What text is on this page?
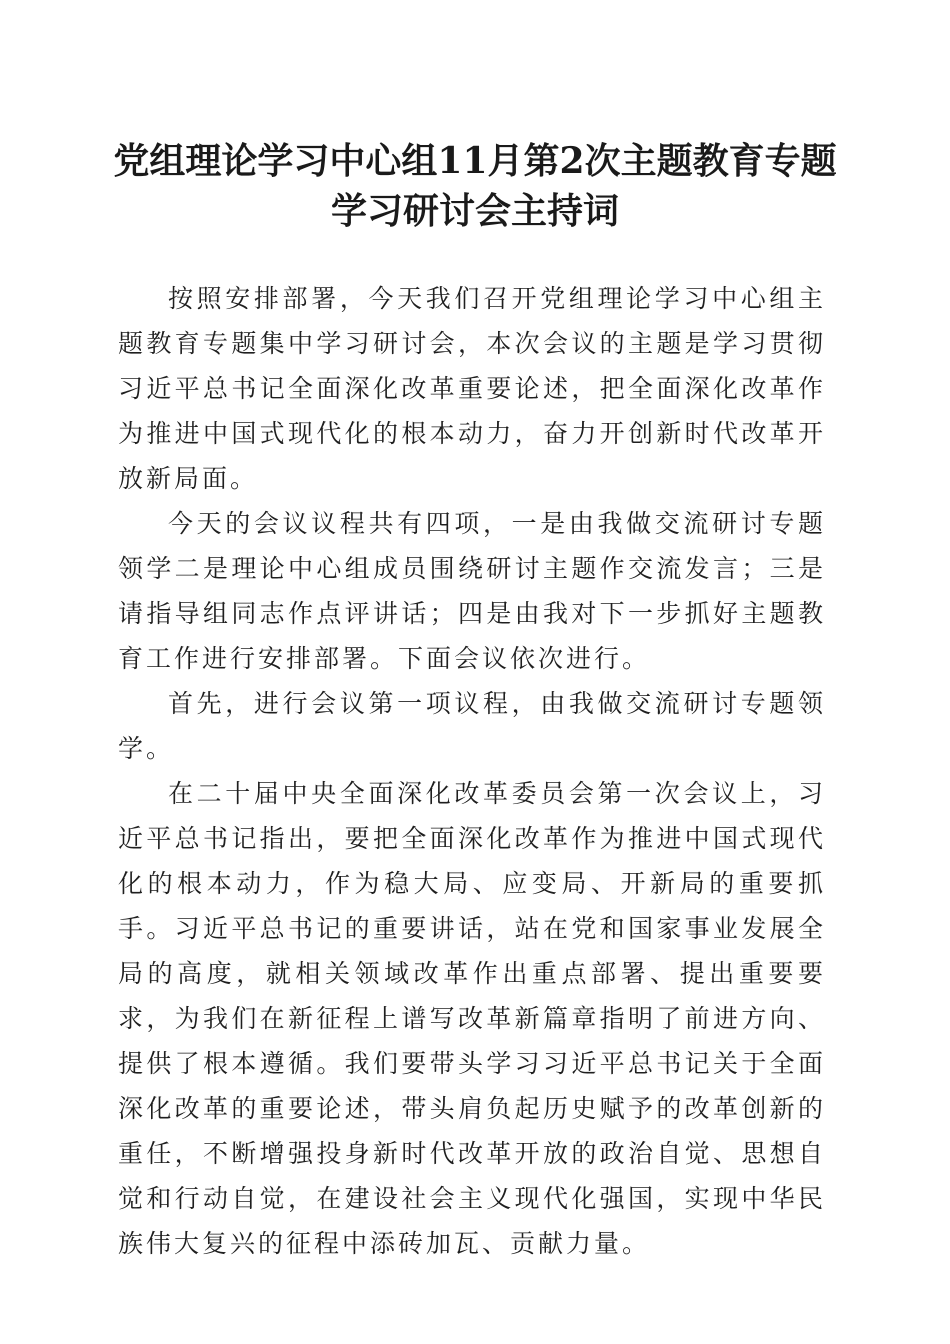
党组理论学习中心组11月第2次主题教育专题学习研讨会主持词

按照安排部署，今天我们召开党组理论学习中心组主题教育专题集中学习研讨会，本次会议的主题是学习贯彻习近平总书记全面深化改革重要论述，把全面深化改革作为推进中国式现代化的根本动力，奋力开创新时代改革开放新局面。

今天的会议议程共有四项，一是由我做交流研讨专题领学二是理论中心组成员围绕研讨主题作交流发言；三是请指导组同志作点评讲话；四是由我对下一步抓好主题教育工作进行安排部署。下面会议依次进行。

首先，进行会议第一项议程，由我做交流研讨专题领学。

在二十届中央全面深化改革委员会第一次会议上，习近平总书记指出，要把全面深化改革作为推进中国式现代化的根本动力，作为稳大局、应变局、开新局的重要抓手。习近平总书记的重要讲话，站在党和国家事业发展全局的高度，就相关领域改革作出重点部署、提出重要要求，为我们在新征程上谱写改革新篇章指明了前进方向、提供了根本遵循。我们要带头学习习近平总书记关于全面深化改革的重要论述，带头肩负起历史赋予的改革创新的重任，不断增强投身新时代改革开放的政治自觉、思想自觉和行动自觉，在建设社会主义现代化强国，实现中华民族伟大复兴的征程中添砖加瓦、贡献力量。
